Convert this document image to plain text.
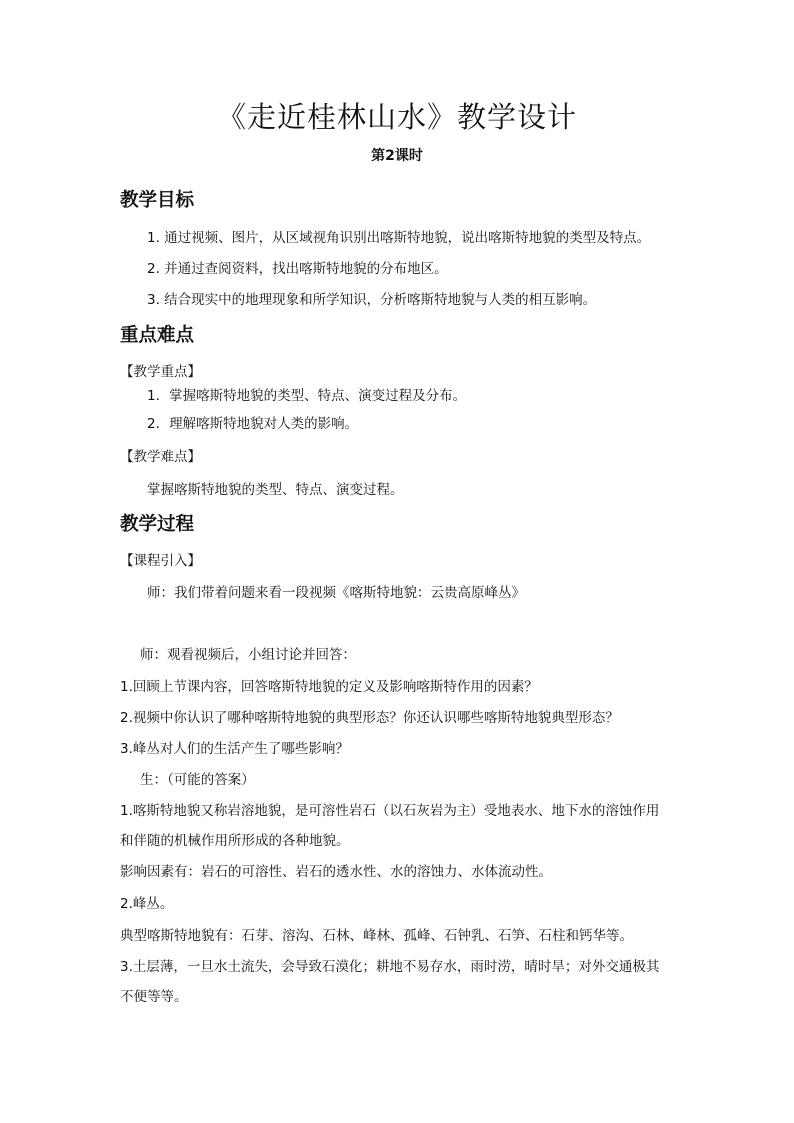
《走近桂林山水》教学设计
第2课时
教学目标
1. 通过视频、图片，从区域视角识别出喀斯特地貌，说出喀斯特地貌的类型及特点。
2. 并通过查阅资料，找出喀斯特地貌的分布地区。
3. 结合现实中的地理现象和所学知识，分析喀斯特地貌与人类的相互影响。
重点难点
【教学重点】
1．掌握喀斯特地貌的类型、特点、演变过程及分布。
2．理解喀斯特地貌对人类的影响。
【教学难点】
掌握喀斯特地貌的类型、特点、演变过程。
教学过程
【课程引入】
师：我们带着问题来看一段视频《喀斯特地貌：云贵高原峰丛》
师：观看视频后，小组讨论并回答：
1.回顾上节课内容，回答喀斯特地貌的定义及影响喀斯特作用的因素？
2.视频中你认识了哪种喀斯特地貌的典型形态？你还认识哪些喀斯特地貌典型形态？
3.峰丛对人们的生活产生了哪些影响？
生：（可能的答案）
1.喀斯特地貌又称岩溶地貌，是可溶性岩石（以石灰岩为主）受地表水、地下水的溶蚀作用
和伴随的机械作用所形成的各种地貌。
影响因素有：岩石的可溶性、岩石的透水性、水的溶蚀力、水体流动性。
2.峰丛。
典型喀斯特地貌有：石芽、溶沟、石林、峰林、孤峰、石钟乳、石笋、石柱和钙华等。
3.土层薄，一旦水土流失，会导致石漠化；耕地不易存水，雨时涝，晴时旱；对外交通极其
不便等等。
